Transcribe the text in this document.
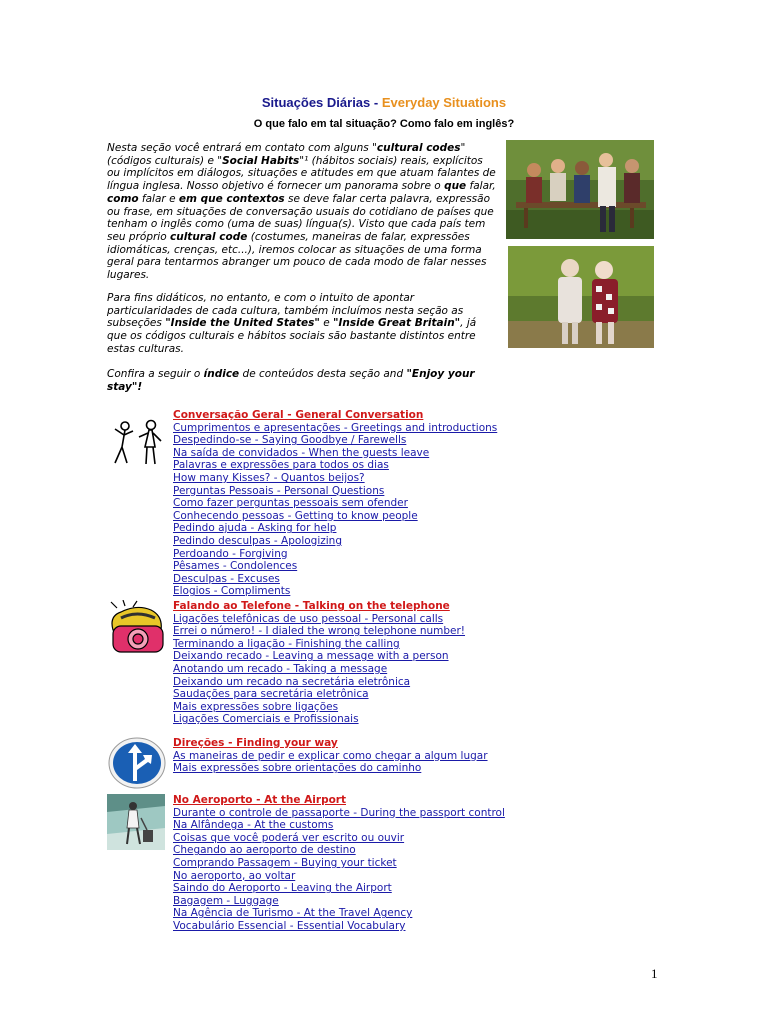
Situações Diárias - Everyday Situations
O que falo em tal situação? Como falo em inglês?

Nesta seção você entrará em contato com alguns "cultural codes" (códigos culturais) e "Social Habits"¹ (hábitos sociais) reais, explícitos ou implícitos em diálogos, situações e atitudes em que atuam falantes de língua inglesa. Nosso objetivo é fornecer um panorama sobre o que falar, como falar e em que contextos se deve falar certa palavra, expressão ou frase, em situações de conversação usuais do cotidiano de países que tenham o inglês como (uma de suas) língua(s). Visto que cada país tem seu próprio cultural code (costumes, maneiras de falar, expressões idiomáticas, crenças, etc...), iremos colocar as situações de uma forma geral para tentarmos abranger um pouco de cada modo de falar nesses lugares.

Para fins didáticos, no entanto, e com o intuito de apontar particularidades de cada cultura, também incluímos nesta seção as subseções "Inside the United States" e "Inside Great Britain", já que os códigos culturais e hábitos sociais são bastante distintos entre estas culturas.

Confira a seguir o índice de conteúdos desta seção and "Enjoy your stay"!

Conversação Geral - General Conversation
Cumprimentos e apresentações - Greetings and introductions
Despedindo-se - Saying Goodbye / Farewells
Na saída de convidados - When the guests leave
Palavras e expressões para todos os dias
How many Kisses? - Quantos beijos?
Perguntas Pessoais - Personal Questions
Como fazer perguntas pessoais sem ofender
Conhecendo pessoas - Getting to know people
Pedindo ajuda - Asking for help
Pedindo desculpas - Apologizing
Perdoando - Forgiving
Pêsames - Condolences
Desculpas - Excuses
Elogios - Compliments
Falando ao Telefone - Talking on the telephone
Ligações telefônicas de uso pessoal - Personal calls
Errei o número! - I dialed the wrong telephone number!
Terminando a ligação - Finishing the calling
Deixando recado - Leaving a message with a person
Anotando um recado - Taking a message
Deixando um recado na secretária eletrônica
Saudações para secretária eletrônica
Mais expressões sobre ligações
Ligações Comerciais e Profissionais
Direções - Finding your way
As maneiras de pedir e explicar como chegar a algum lugar
Mais expressões sobre orientações do caminho
No Aeroporto - At the Airport
Durante o controle de passaporte - During the passport control
Na Alfândega - At the customs
Coisas que você poderá ver escrito ou ouvir
Chegando ao aeroporto de destino
Comprando Passagem - Buying your ticket
No aeroporto, ao voltar
Saindo do Aeroporto - Leaving the Airport
Bagagem - Luggage
Na Agência de Turismo - At the Travel Agency
Vocabulário Essencial - Essential Vocabulary
1
